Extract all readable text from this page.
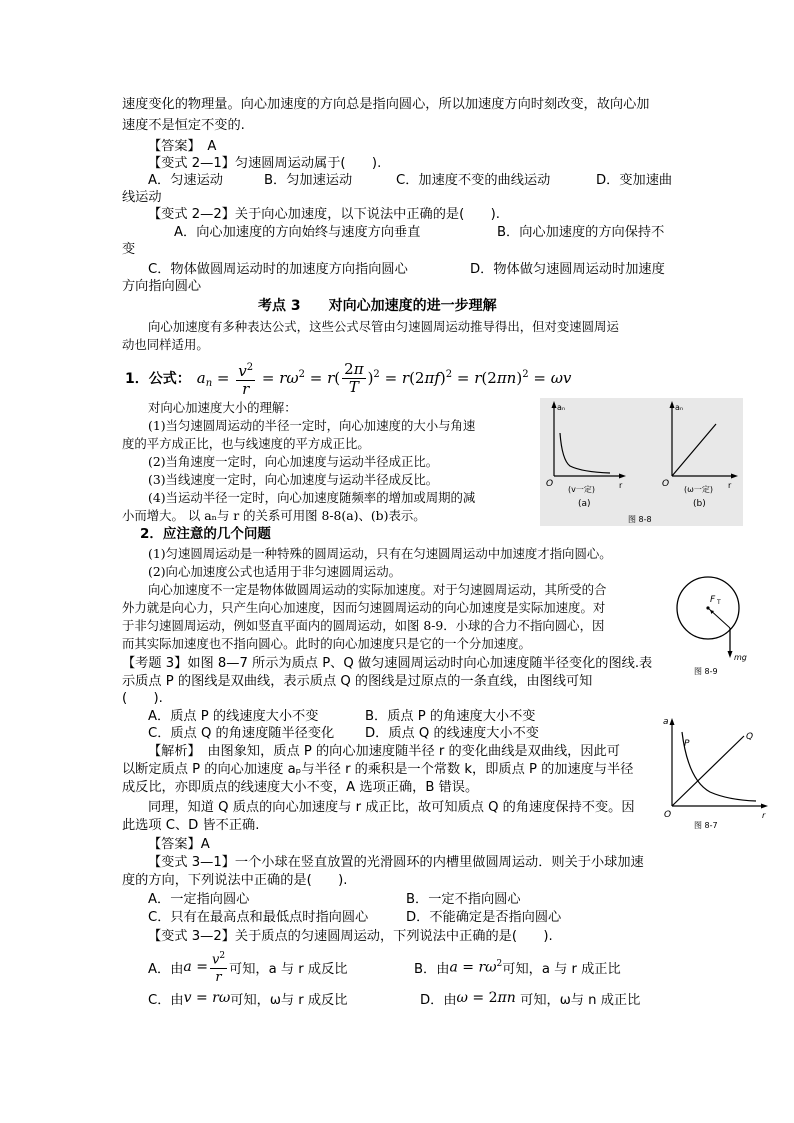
速度变化的物理量。向心加速度的方向总是指向圆心，所以加速度方向时刻改变，故向心加
速度不是恒定不变的.
【答案】　A
【变式 2—1】匀速圆周运动属于(　　).
A．匀速运动	B．匀加速运动	C．加速度不变的曲线运动	D．变加速曲
线运动
【变式 2—2】关于向心加速度，以下说法中正确的是(　　).
A．向心加速度的方向始终与速度方向垂直	B．向心加速度的方向保持不
变
C．物体做圆周运动时的加速度方向指向圆心	D．物体做匀速圆周运动时加速度
方向指向圆心
考点 3　　对向心加速度的进一步理解
向心加速度有多种表达公式，这些公式尽管由匀速圆周运动推导得出，但对变速圆周运
动也同样适用。
1．公式： a $n = \frac{v^2}{r} = r\omega^2 = r( \frac{2\pi}{T} )^2 = r(2\pi f)^2 = r(2\pi n)^2 = \omega v$
对向心加速度大小的理解：
(1)当匀速圆周运动的半径一定时，向心加速度的大小与角速
度的平方成正比，也与线速度的平方成正比。
(2)当角速度一定时，向心加速度与运动半径成正比。
(3)当线速度一定时，向心加速度与运动半径成反比。
(4)当运动半径一定时，向心加速度随频率的增加或周期的减
小而增大。 以 aₙ与 r 的关系可用图 8-8(a)、(b)表示。
aₙ
O	r
(v一定)
(a)
aₙ
O	r
(ω一定)
(b)
图 8-8
2．应注意的几个问题
(1)匀速圆周运动是一种特殊的圆周运动，只有在匀速圆周运动中加速度才指向圆心。
(2)向心加速度公式也适用于非匀速圆周运动。
向心加速度不一定是物体做圆周运动的实际加速度。对于匀速圆周运动，其所受的合
外力就是向心力，只产生向心加速度，因而匀速圆周运动的向心加速度是实际加速度。对
于非匀速圆周运动，例如竖直平面内的圆周运动，如图 8-9．小球的合力不指向圆心，因
而其实际加速度也不指向圆心。此时的向心加速度只是它的一个分加速度。
F T
mg
图 8-9
【考题 3】如图 8—7 所示为质点 P、Q 做匀速圆周运动时向心加速度随半径变化的图线.表
示质点 P 的图线是双曲线，表示质点 Q 的图线是过原点的一条直线，由图线可知
(　　).
A．质点 P 的线速度大小不变	B．质点 P 的角速度大小不变
C．质点 Q 的角速度随半径变化 D．质点 Q 的线速度大小不变
a
O	r
P
Q
图 8-7
【解析】　由图象知，质点 P 的向心加速度随半径 r 的变化曲线是双曲线，因此可
以断定质点 P 的向心加速度 aₚ与半径 r 的乘积是一个常数 k，即质点 P 的加速度与半径
成反比，亦即质点的线速度大小不变，A 选项正确，B 错误。
同理，知道 Q 质点的向心加速度与 r 成正比，故可知质点 Q 的角速度保持不变。因
此选项 C、D 皆不正确.
【答案】A
【变式 3—1】一个小球在竖直放置的光滑圆环的内槽里做圆周运动．则关于小球加速
度的方向，下列说法中正确的是(　　).
A．一定指向圆心	B．一定不指向圆心
C．只有在最高点和最低点时指向圆心	D．不能确定是否指向圆心
【变式 3—2】关于质点的匀速圆周运动，下列说法中正确的是(　　).
A．由 $a = \frac{v^2}{r}$ 可知，a 与 r 成反比	B．由 $a = r\omega^2$ 可知，a 与 r 成正比
C．由 v = rω 可知，ω与 r 成反比	D．由 ω = 2πn 可知，ω与 n 成正比
